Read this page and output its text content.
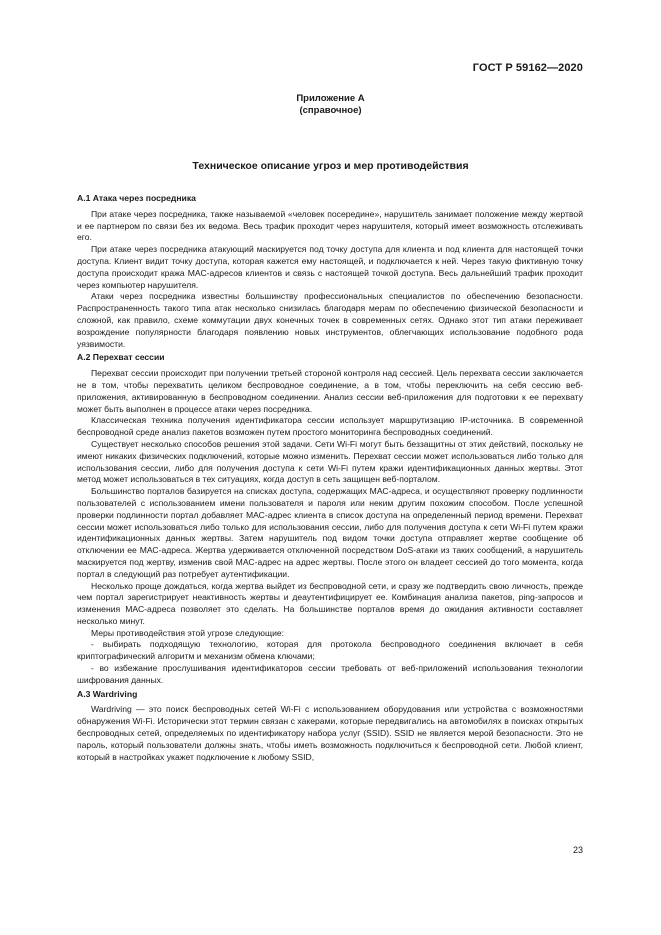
ГОСТ Р 59162—2020
Приложение А
(справочное)
Техническое описание угроз и мер противодействия
А.1 Атака через посредника

При атаке через посредника, также называемой «человек посередине», нарушитель занимает положение между жертвой и ее партнером по связи без их ведома. Весь трафик проходит через нарушителя, который имеет возможность отслеживать его.

При атаке через посредника атакующий маскируется под точку доступа для клиента и под клиента для настоящей точки доступа. Клиент видит точку доступа, которая кажется ему настоящей, и подключается к ней. Через такую фиктивную точку доступа происходит кража МАС-адресов клиентов и связь с настоящей точкой доступа. Весь дальнейший трафик проходит через компьютер нарушителя.

Атаки через посредника известны большинству профессиональных специалистов по обеспечению безопасности. Распространенность такого типа атак несколько снизилась благодаря мерам по обеспечению физической безопасности и сложной, как правило, схеме коммутации двух конечных точек в современных сетях. Однако этот тип атаки переживает возрождение популярности благодаря появлению новых инструментов, облегчающих использование подобного рода уязвимости.

А.2 Перехват сессии

Перехват сессии происходит при получении третьей стороной контроля над сессией. Цель перехвата сессии заключается не в том, чтобы перехватить целиком беспроводное соединение, а в том, чтобы переключить на себя сессию веб-приложения, активированную в беспроводном соединении. Анализ сессии веб-приложения для подготовки к ее перехвату может быть выполнен в процессе атаки через посредника.

Классическая техника получения идентификатора сессии использует маршрутизацию IP-источника. В современной беспроводной среде анализ пакетов возможен путем простого мониторинга беспроводных соединений.

Существует несколько способов решения этой задачи. Сети Wi-Fi могут быть беззащитны от этих действий, поскольку не имеют никаких физических подключений, которые можно изменить. Перехват сессии может использоваться либо только для использования сессии, либо для получения доступа к сети Wi-Fi путем кражи идентификационных данных жертвы. Этот метод может использоваться в тех ситуациях, когда доступ в сеть защищен веб-порталом.

Большинство порталов базируется на списках доступа, содержащих МАС-адреса, и осуществляют проверку подлинности пользователей с использованием имени пользователя и пароля или неким другим похожим способом. После успешной проверки подлинности портал добавляет МАС-адрес клиента в список доступа на определенный период времени. Перехват сессии может использоваться либо только для использования сессии, либо для получения доступа к сети Wi-Fi путем кражи идентификационных данных жертвы. Затем нарушитель под видом точки доступа отправляет жертве сообщение об отключении ее МАС-адреса. Жертва удерживается отключенной посредством DoS-атаки из таких сообщений, а нарушитель маскируется под жертву, изменив свой МАС-адрес на адрес жертвы. После этого он владеет сессией до того момента, когда портал в следующий раз потребует аутентификации.

Несколько проще дождаться, когда жертва выйдет из беспроводной сети, и сразу же подтвердить свою личность, прежде чем портал зарегистрирует неактивность жертвы и деаутентифицирует ее. Комбинация анализа пакетов, ping-запросов и изменения МАС-адреса позволяет это сделать. На большинстве порталов время до ожидания активности составляет несколько минут.

Меры противодействия этой угрозе следующие:

- выбирать подходящую технологию, которая для протокола беспроводного соединения включает в себя криптографический алгоритм и механизм обмена ключами;

- во избежание прослушивания идентификаторов сессии требовать от веб-приложений использования технологии шифрования данных.

А.3 Wardriving

Wardriving — это поиск беспроводных сетей Wi-Fi с использованием оборудования или устройства с возможностями обнаружения Wi-Fi. Исторически этот термин связан с хакерами, которые передвигались на автомобилях в поисках открытых беспроводных сетей, определяемых по идентификатору набора услуг (SSID). SSID не является мерой безопасности. Это не пароль, который пользователи должны знать, чтобы иметь возможность подключиться к беспроводной сети. Любой клиент, который в настройках укажет подключение к любому SSID,

23
